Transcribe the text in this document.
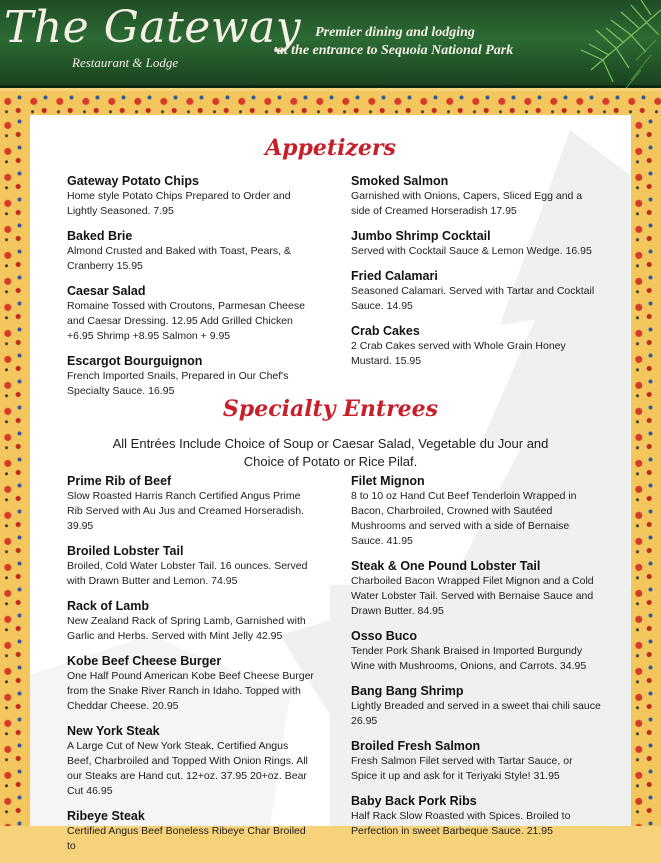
The Gateway
Restaurant & Lodge
Premier dining and lodging
at the entrance to Sequoia National Park
Appetizers
Gateway Potato Chips
Home style Potato Chips Prepared to Order and Lightly Seasoned. 7.95
Baked Brie
Almond Crusted and Baked with Toast, Pears, & Cranberry 15.95
Caesar Salad
Romaine Tossed with Croutons, Parmesan Cheese and Caesar Dressing. 12.95 Add Grilled Chicken +6.95 Shrimp +8.95 Salmon + 9.95
Escargot Bourguignon
French Imported Snails, Prepared in Our Chef's Specialty Sauce. 16.95
Smoked Salmon
Garnished with Onions, Capers, Sliced Egg and a side of Creamed Horseradish 17.95
Jumbo Shrimp Cocktail
Served with Cocktail Sauce & Lemon Wedge. 16.95
Fried Calamari
Seasoned Calamari. Served with Tartar and Cocktail Sauce. 14.95
Crab Cakes
2 Crab Cakes served with Whole Grain Honey Mustard. 15.95
Specialty Entrees
All Entrées Include Choice of Soup or Caesar Salad, Vegetable du Jour and
Choice of Potato or Rice Pilaf.
Prime Rib of Beef
Slow Roasted Harris Ranch Certified Angus Prime Rib Served with Au Jus and Creamed Horseradish. 39.95
Broiled Lobster Tail
Broiled, Cold Water Lobster Tail. 16 ounces. Served with Drawn Butter and Lemon. 74.95
Rack of Lamb
New Zealand Rack of Spring Lamb, Garnished with Garlic and Herbs. Served with Mint Jelly 42.95
Kobe Beef Cheese Burger
One Half Pound American Kobe Beef Cheese Burger from the Snake River Ranch in Idaho. Topped with Cheddar Cheese. 20.95
New York Steak
A Large Cut of New York Steak, Certified Angus Beef, Charbroiled and Topped With Onion Rings. All our Steaks are Hand cut. 12+oz. 37.95 20+oz. Bear Cut 46.95
Ribeye Steak
Certified Angus Beef Boneless Ribeye Char Broiled to
Filet Mignon
8 to 10 oz Hand Cut Beef Tenderloin Wrapped in Bacon, Charbroiled, Crowned with Sautéed Mushrooms and served with a side of Bernaise Sauce. 41.95
Steak & One Pound Lobster Tail
Charboiled Bacon Wrapped Filet Mignon and a Cold Water Lobster Tail. Served with Bernaise Sauce and Drawn Butter. 84.95
Osso Buco
Tender Pork Shank Braised in Imported Burgundy Wine with Mushrooms, Onions, and Carrots. 34.95
Bang Bang Shrimp
Lightly Breaded and served in a sweet thai chili sauce 26.95
Broiled Fresh Salmon
Fresh Salmon Filet served with Tartar Sauce, or Spice it up and ask for it Teriyaki Style! 31.95
Baby Back Pork Ribs
Half Rack Slow Roasted with Spices. Broiled to Perfection in sweet Barbeque Sauce. 21.95
